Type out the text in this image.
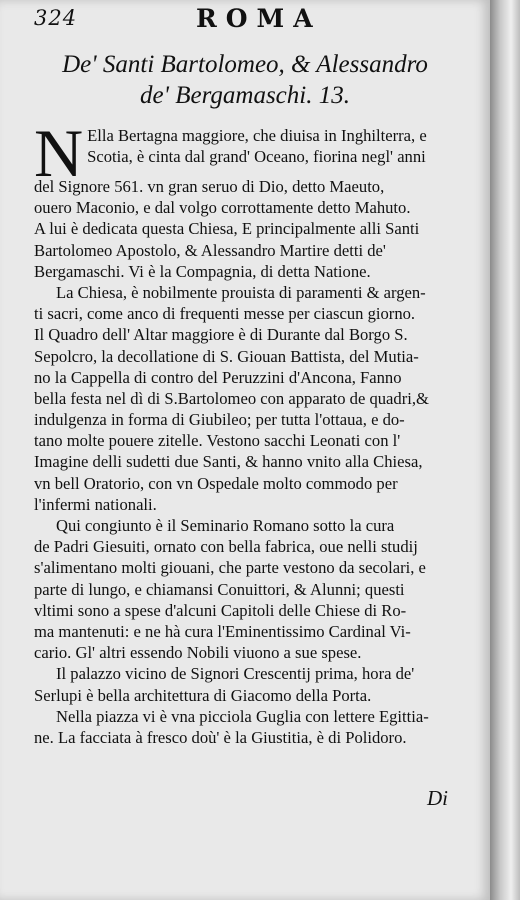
324	ROMA
De' Santi Bartolomeo, & Alessandro
de' Bergamaschi. 13.
N Ella Bertagna maggiore, che diuisa in Inghilterra, e
Scotia, è cinta dal grand' Oceano, fiorina negl' anni
del Signore 561. vn gran seruo di Dio, detto Maeuto,
ouero Maconio, e dal volgo corrottamente detto Mahuto.
A lui è dedicata questa Chiesa, E principalmente alli Santi
Bartolomeo Apostolo, & Alessandro Martire detti de'
Bergamaschi. Vi è la Compagnia, di detta Natione.
La Chiesa, è nobilmente prouista di paramenti & argen-
ti sacri, come anco di frequenti messe per ciascun giorno.
Il Quadro dell' Altar maggiore è di Durante dal Borgo S.
Sepolcro, la decollatione di S. Giouan Battista, del Mutia-
no la Cappella di contro del Peruzzini d'Ancona, Fanno
bella festa nel dì di S.Bartolomeo con apparato de quadri,&
indulgenza in forma di Giubileo; per tutta l'ottaua, e do-
tano molte pouere zitelle. Vestono sacchi Leonati con l'
Imagine delli sudetti due Santi, & hanno vnito alla Chiesa,
vn bell Oratorio, con vn Ospedale molto commodo per
l'infermi nationali.
Qui congiunto è il Seminario Romano sotto la cura
de Padri Giesuiti, ornato con bella fabrica, oue nelli studij
s'alimentano molti giouani, che parte vestono da secolari, e
parte di lungo, e chiamansi Conuittori, & Alunni; questi
vltimi sono a spese d'alcuni Capitoli delle Chiese di Ro-
ma mantenuti: e ne hà cura l'Eminentissimo Cardinal Vi-
cario. Gl' altri essendo Nobili viuono a sue spese.
Il palazzo vicino de Signori Crescentij prima, hora de'
Serlupi è bella architettura di Giacomo della Porta.
Nella piazza vi è vna picciola Guglia con lettere Egittia-
ne. La facciata à fresco doù' è la Giustitia, è di Polidoro.
Di
